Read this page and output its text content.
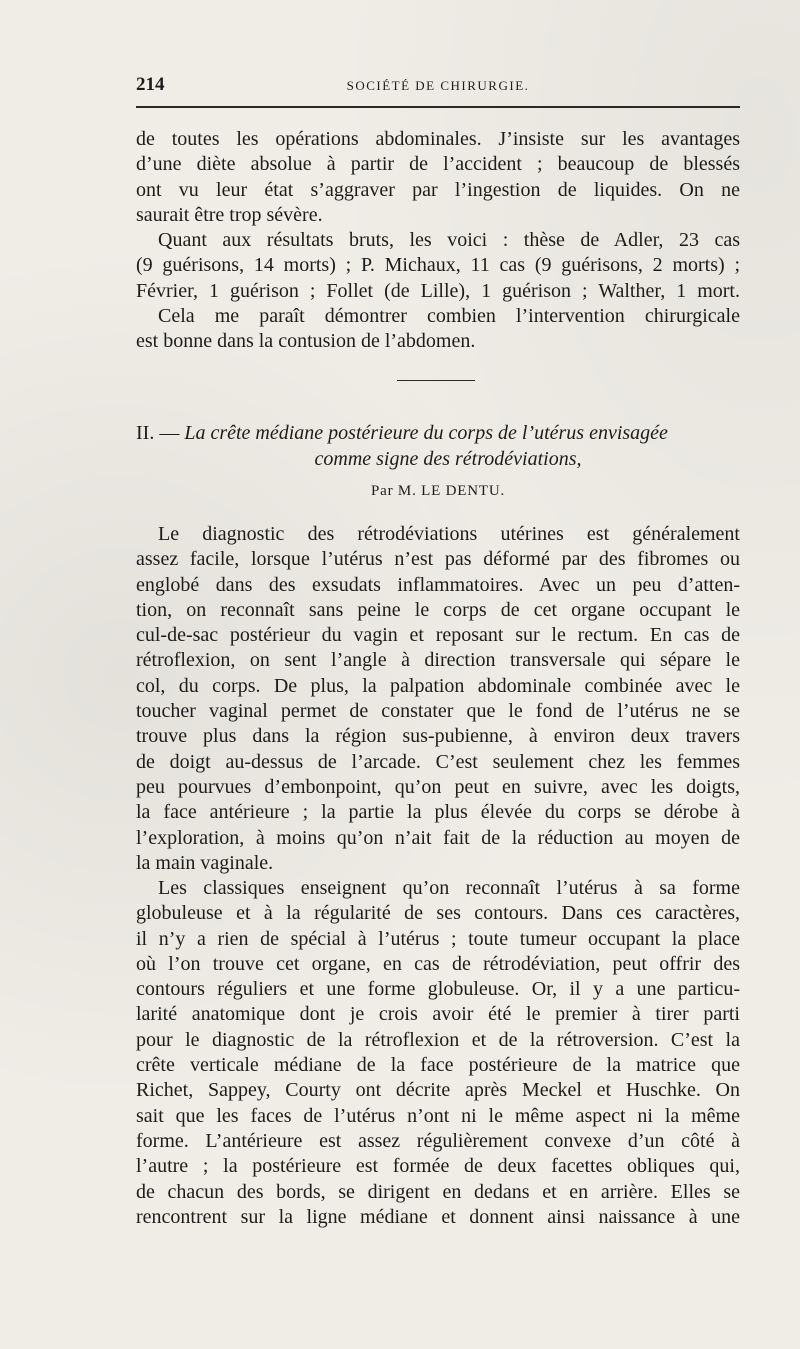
214	SOCIÉTÉ DE CHIRURGIE.
de toutes les opérations abdominales. J’insiste sur les avantages
d’une diète absolue à partir de l’accident ; beaucoup de blessés
ont vu leur état s’aggraver par l’ingestion de liquides. On ne
saurait être trop sévère.
Quant aux résultats bruts, les voici : thèse de Adler, 23 cas
(9 guérisons, 14 morts) ; P. Michaux, 11 cas (9 guérisons, 2 morts) ;
Février, 1 guérison ; Follet (de Lille), 1 guérison ; Walther, 1 mort.
Cela me paraît démontrer combien l’intervention chirurgicale
est bonne dans la contusion de l’abdomen.
II. — La crête médiane postérieure du corps de l’utérus envisagée
comme signe des rétrodéviations,
Par M. LE DENTU.
Le diagnostic des rétrodéviations utérines est généralement
assez facile, lorsque l’utérus n’est pas déformé par des fibromes ou
englobé dans des exsudats inflammatoires. Avec un peu d’atten-
tion, on reconnaît sans peine le corps de cet organe occupant le
cul-de-sac postérieur du vagin et reposant sur le rectum. En cas de
rétroflexion, on sent l’angle à direction transversale qui sépare le
col, du corps. De plus, la palpation abdominale combinée avec le
toucher vaginal permet de constater que le fond de l’utérus ne se
trouve plus dans la région sus-pubienne, à environ deux travers
de doigt au-dessus de l’arcade. C’est seulement chez les femmes
peu pourvues d’embonpoint, qu’on peut en suivre, avec les doigts,
la face antérieure ; la partie la plus élevée du corps se dérobe à
l’exploration, à moins qu’on n’ait fait de la réduction au moyen de
la main vaginale.
Les classiques enseignent qu’on reconnaît l’utérus à sa forme
globuleuse et à la régularité de ses contours. Dans ces caractères,
il n’y a rien de spécial à l’utérus ; toute tumeur occupant la place
où l’on trouve cet organe, en cas de rétrodéviation, peut offrir des
contours réguliers et une forme globuleuse. Or, il y a une particu-
larité anatomique dont je crois avoir été le premier à tirer parti
pour le diagnostic de la rétroflexion et de la rétroversion. C’est la
crête verticale médiane de la face postérieure de la matrice que
Richet, Sappey, Courty ont décrite après Meckel et Huschke. On
sait que les faces de l’utérus n’ont ni le même aspect ni la même
forme. L’antérieure est assez régulièrement convexe d’un côté à
l’autre ; la postérieure est formée de deux facettes obliques qui,
de chacun des bords, se dirigent en dedans et en arrière. Elles se
rencontrent sur la ligne médiane et donnent ainsi naissance à une
